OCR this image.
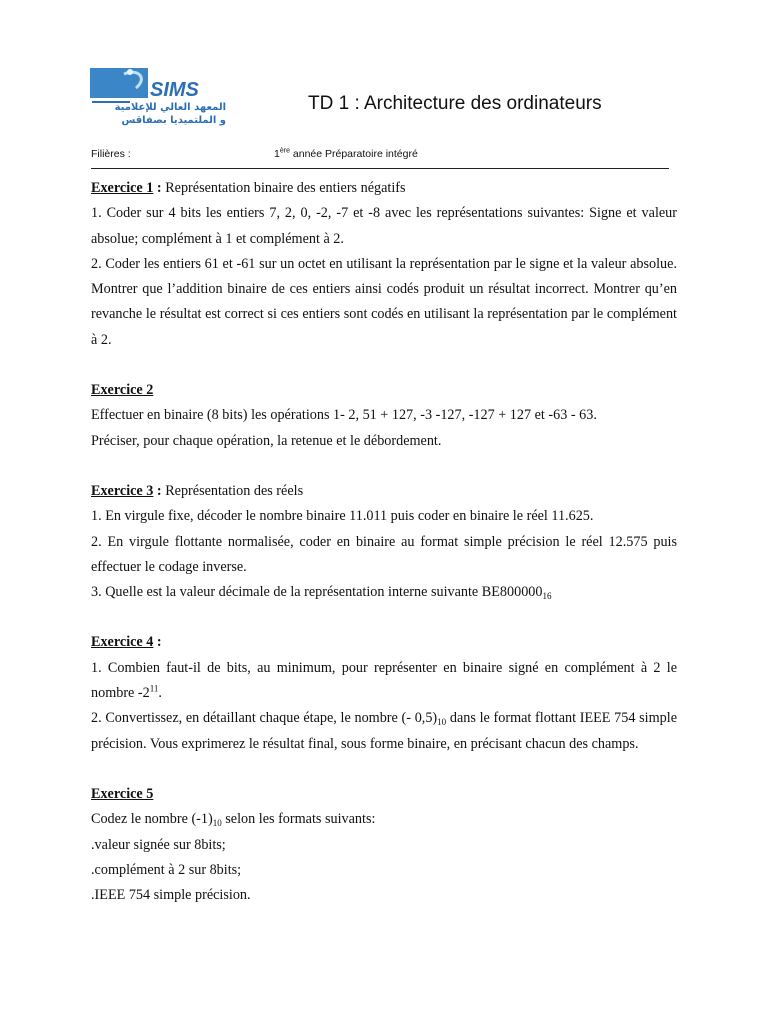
SIMS
المعهد العالي للإعلامية
و الملتميديا بصفاقس
TD 1 : Architecture des ordinateurs
Filières :	1ère année Préparatoire intégré

Exercice 1 : Représentation binaire des entiers négatifs

1. Coder sur 4 bits les entiers 7, 2, 0, -2, -7 et -8 avec les représentations suivantes: Signe et valeur absolue; complément à 1 et complément à 2.

2. Coder les entiers 61 et -61 sur un octet en utilisant la représentation par le signe et la valeur absolue. Montrer que l’addition binaire de ces entiers ainsi codés produit un résultat incorrect. Montrer qu’en revanche le résultat est correct si ces entiers sont codés en utilisant la représentation par le complément à 2.

Exercice 2

Effectuer en binaire (8 bits) les opérations 1- 2, 51 + 127, -3 -127, -127 + 127 et -63 - 63.

Préciser, pour chaque opération, la retenue et le débordement.

Exercice 3 : Représentation des réels

1. En virgule fixe, décoder le nombre binaire 11.011 puis coder en binaire le réel 11.625.

2. En virgule flottante normalisée, coder en binaire au format simple précision le réel 12.575 puis effectuer le codage inverse.

3. Quelle est la valeur décimale de la représentation interne suivante $BE800000_{16}$

Exercice 4 :

1. Combien faut-il de bits, au minimum, pour représenter en binaire signé en complément à 2 le nombre $-2^{11}$.

2. Convertissez, en détaillant chaque étape, le nombre (- $0,5)_{10}$ dans le format flottant IEEE 754 simple précision. Vous exprimerez le résultat final, sous forme binaire, en précisant chacun des champs.

Exercice 5

Codez le nombre $(-1)_{10}$ selon les formats suivants:

.valeur signée sur 8bits;

.complément à 2 sur 8bits;

.IEEE 754 simple précision.
